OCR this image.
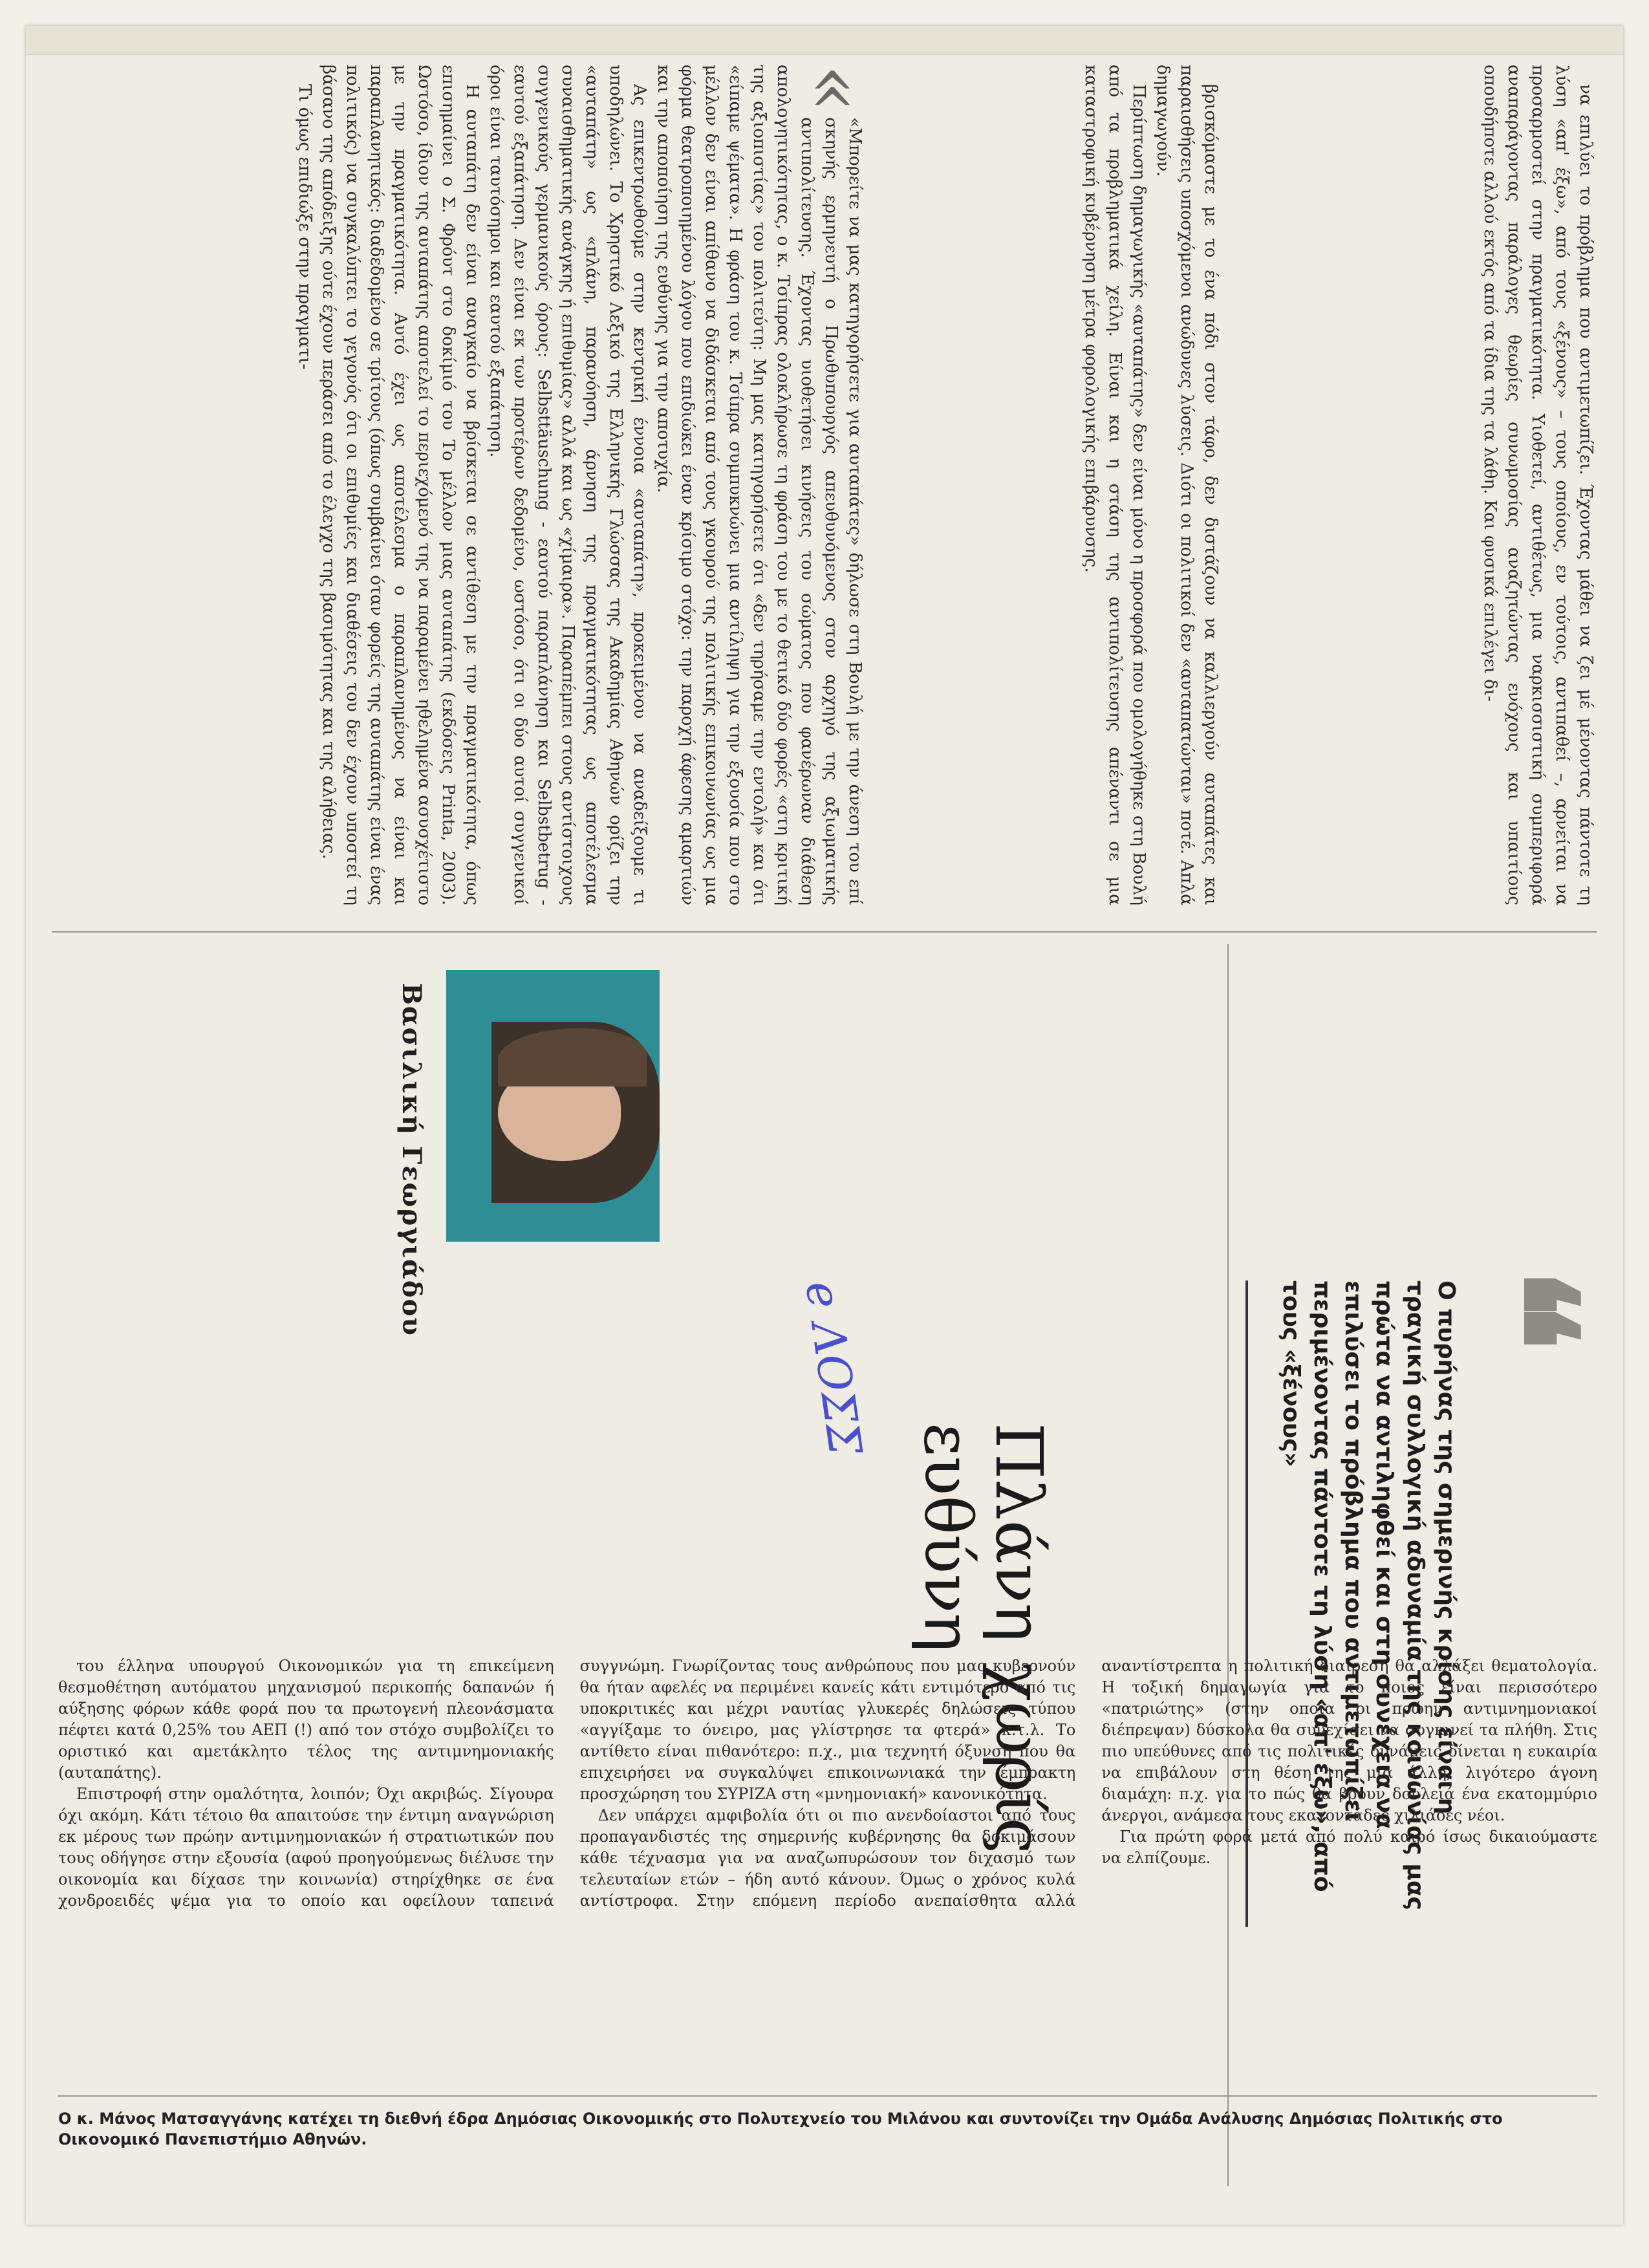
να επιλύει το πρόβλημα που αντιμετωπίζει. Έχοντας μάθει να ζει μέ μένοντας πάντοτε τη λύση «απ' έξω», από τους «ξένους» – τους οποίους, εν τούτοις, αντιπαθεί –, αρνείται να προσαρμοστεί στην πραγματικότητα. Υιοθετεί, αντιθέτως, μια ναρκισσιστική συμπεριφορά αναπαράγοντας παράλογες θεωρίες συνωμοσίας αναζητώντας ενόχους και υπαιτίους οπουδήποτε αλλού εκτός από τα ίδια της τα λάθη. Και φυσικά επιλέγει δι-

βρισκόμαστε με το ένα πόδι στον τάφο, δεν διστάζουν να καλλιεργούν αυταπάτες και παραισθήσεις υποσχόμενοι ανώδυνες λύσεις. Διότι οι πολιτικοί δεν «αυταπατώνται» ποτέ. Απλά δημαγωγούν.

Περίπτωση δημαγωγικής «αυταπάτης» δεν είναι μόνο η προσφορά που ομολογήθηκε στη Βουλή από τα προβληματικά χείλη. Είναι και η στάση της αντιπολίτευσης απέναντι σε μια καταστροφική κυβέρνηση μέτρα φορολογικής επιβάρυνσης.

«
«Μπορείτε να μας κατηγορήσετε για αυταπάτες» δήλωσε στη Βουλή με την άνεση του επί σκηνής ερμηνευτή ο Πρωθυπουργός απευθυνόμενος στον αρχηγό της αξιωματικής αντιπολίτευσης. Έχοντας υιοθετήσει κινήσεις του σώματος που φανέρωναν διάθεση απολογητικότητας, ο κ. Τσίπρας ολοκλήρωσε τη φράση του με το θετικό δύο φορές «στη κριτική της αξιοπιστίας» του πολιτεύτη: Μη μας κατηγορήσετε ότι «δεν τηρήσαμε την εντολή» και ότι «είπαμε ψέματα». Η φράση του κ. Τσίπρα συμπυκνώνει μια αντίληψη για την εξουσία που στο μέλλον δεν είναι απίθανο να διδάσκεται από τους γκουρού της πολιτικής επικοινωνίας ως μια φόρμα θεατροποιημένου λόγου που επιδιώκει έναν κρίσιμο στόχο: την παροχή άφεσης αμαρτιών και την αποποίηση της ευθύνης για την αποτυχία.

Ας επικεντρωθούμε στην κεντρική έννοια «αυταπάτη», προκειμένου να αναδείξουμε τι υποδηλώνει. Το Χρηστικό Λεξικό της Ελληνικής Γλώσσας της Ακαδημίας Αθηνών ορίζει την «αυταπάτη» ως «πλάνη, παρανόηση, άρνηση της πραγματικότητας ως αποτέλεσμα συναισθηματικής ανάγκης ή επιθυμίας» αλλά και ως «χίμαιρα». Παραπέμπει στους αντίστοιχους συγγενικούς γερμανικούς όρους: Selbsttäuschung - εαυτού παραπλάνηση και Selbstbetrug - εαυτού εξαπάτηση. Δεν είναι εκ των προτέρων δεδομένο, ωστόσο, ότι οι δύο αυτοί συγγενικοί όροι είναι ταυτόσημοι και εαυτού εξαπάτηση.

Η αυταπάτη δεν είναι αναγκαίο να βρίσκεται σε αντίθεση με την πραγματικότητα, όπως επισημαίνει ο Σ. Φρόυτ στο δοκίμιό του Το μέλλον μιας αυταπάτης (εκδόσεις Printa, 2003). Ωστόσο, ίδιον της αυταπάτης αποτελεί το περιεχόμενό της να παραμένει ηθελημένα ασυσχέτιστο με την πραγματικότητα. Αυτό έχει ως αποτέλεσμα ο παραπλανημένος να είναι και παραπλανητικός: διαδεδομένο σε τρίτους (όπως συμβαίνει όταν φορείς της αυταπάτης είναι ένας πολιτικός) να συγκαλύπτει το γεγονός ότι οι επιθυμίες και διαθέσεις του δεν έχουν υποστεί τη βάσανο της απόδειξης ούτε έχουν περάσει από το έλεγχο της βασιμότητας και της αλήθειας.

Τι όμως επιδιώξε στην πραγματι-

❝
Ο πυρήνας της σημερινής κρίσης είναι η τραγική συλλογική αδυναμία της κοινωνίας μας πρώτα να αντιληφθεί και στη συνέχεια να επιλύσει το πρόβλημα που αντιμετωπίζει περιμένοντας πάντοτε τη λύση «απ' έξω», από τους «ξένους»
Πλάνη χωρίς ευθύνη
e ΛΟΣΣ
Βασιλική Γεωργιάδου

του έλληνα υπουργού Οικονομικών για τη επικείμενη θεσμοθέτηση αυτόματου μηχανισμού περικοπής δαπανών ή αύξησης φόρων κάθε φορά που τα πρωτογενή πλεονάσματα πέφτει κατά 0,25% του ΑΕΠ (!) από τον στόχο συμβολίζει το οριστικό και αμετάκλητο τέλος της αντιμνημονιακής (αυταπάτης).

Επιστροφή στην ομαλότητα, λοιπόν; Όχι ακριβώς. Σίγουρα όχι ακόμη. Κάτι τέτοιο θα απαιτούσε την έντιμη αναγνώριση εκ μέρους των πρώην αντιμνημονιακών ή στρατιωτικών που τους οδήγησε στην εξουσία (αφού προηγούμενως διέλυσε την οικονομία και δίχασε την κοινωνία) στηρίχθηκε σε ένα χονδροειδές ψέμα για το οποίο και οφείλουν ταπεινά συγγνώμη. Γνωρίζοντας τους ανθρώπους που μας κυβερνούν θα ήταν αφελές να περιμένει κανείς κάτι εντιμότερο από τις υποκριτικές και μέχρι ναυτίας γλυκερές δηλώσεις τύπου «αγγίξαμε το όνειρο, μας γλίστρησε τα φτερά» κ.τ.λ. Το αντίθετο είναι πιθανότερο: π.χ., μια τεχνητή όξυνση που θα επιχειρήσει να συγκαλύψει επικοινωνιακά την έμπρακτη προσχώρηση του ΣΥΡΙΖΑ στη «μνημονιακή» κανονικότητα.

Δεν υπάρχει αμφιβολία ότι οι πιο ανενδοίαστοι από τους προπαγανδιστές της σημερινής κυβέρνησης θα δοκιμάσουν κάθε τέχνασμα για να αναζωπυρώσουν τον διχασμό των τελευταίων ετών – ήδη αυτό κάνουν. Όμως ο χρόνος κυλά αντίστροφα. Στην επόμενη περίοδο ανεπαίσθητα αλλά αναντίστρεπτα η πολιτική διαίρεση θα αλλάξει θεματολογία. Η τοξική δημαγωγία για το ποιος είναι περισσότερο «πατριώτης» (στην οποία οι πρώην αντιμνημονιακοί διέπρεψαν) δύσκολα θα συνεχίσει να συγκινεί τα πλήθη. Στις πιο υπεύθυνες από τις πολιτικές δυνάμεις δίνεται η ευκαιρία να επιβάλουν στη θέση της μια άλλη, λιγότερο άγονη διαμάχη: π.χ. για το πώς θα βρουν δουλειά ένα εκατομμύριο άνεργοι, ανάμεσα τους εκατοντάδες χιλιάδες νέοι.

Για πρώτη φορά μετά από πολύ καιρό ίσως δικαιούμαστε να ελπίζουμε.

Ο κ. Μάνος Ματσαγγάνης κατέχει τη διεθνή έδρα Δημόσιας Οικονομικής στο Πολυτεχνείο του Μιλάνου και συντονίζει την Ομάδα Ανάλυσης Δημόσιας Πολιτικής στο Οικονομικό Πανεπιστήμιο Αθηνών.
